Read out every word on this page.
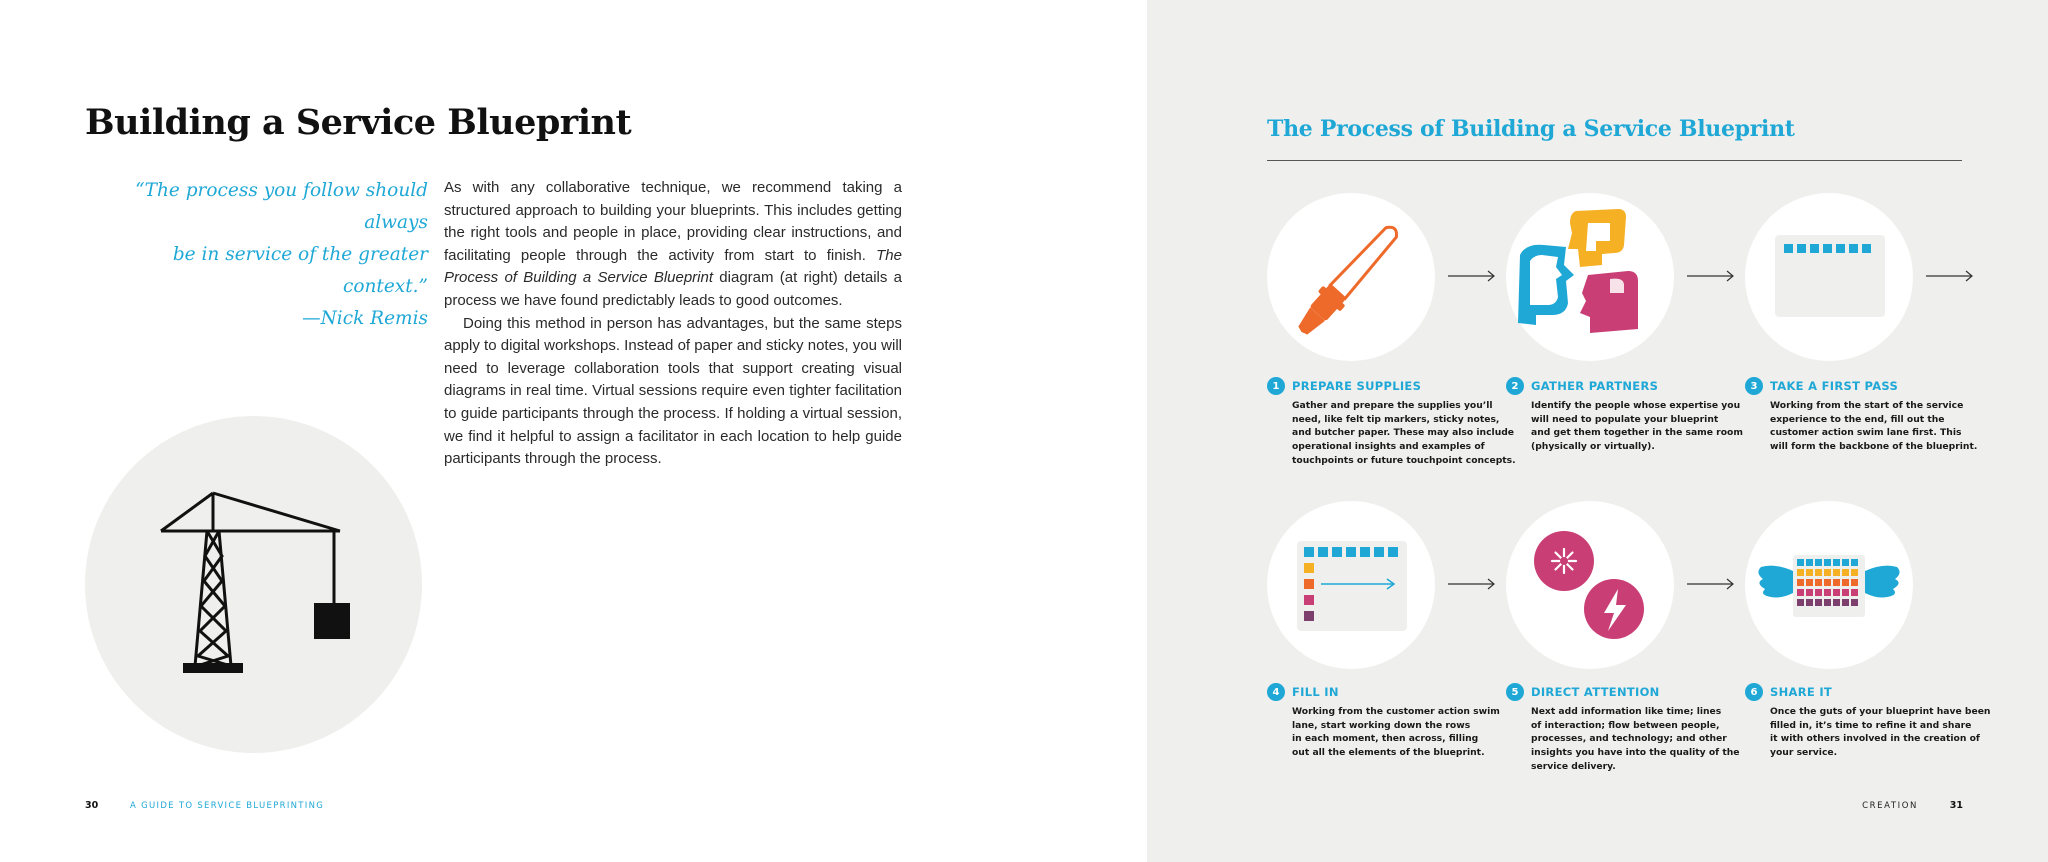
Building a Service Blueprint
“The process you follow should always
be in service of the greater context.”
—Nick Remis

As with any collaborative technique, we recommend taking a structured approach to building your blueprints. This includes getting the right tools and people in place, providing clear instructions, and facilitating people through the activity from start to finish. The Process of Building a Service Blueprint diagram (at right) details a process we have found predictably leads to good outcomes.

Doing this method in person has advantages, but the same steps apply to digital workshops. Instead of paper and sticky notes, you will need to leverage collaboration tools that support creating visual diagrams in real time. Virtual sessions require even tighter facilitation to guide participants through the process. If holding a virtual session, we find it helpful to assign a facilitator in each location to help guide participants through the process.

30	A GUIDE TO SERVICE BLUEPRINTING
The Process of Building a Service Blueprint
1	PREPARE SUPPLIES
Gather and prepare the supplies you’ll
need, like felt tip markers, sticky notes,
and butcher paper. These may also include
operational insights and examples of
touchpoints or future touchpoint concepts.
2	GATHER PARTNERS
Identify the people whose expertise you
will need to populate your blueprint
and get them together in the same room
(physically or virtually).
3	TAKE A FIRST PASS
Working from the start of the service
experience to the end, fill out the
customer action swim lane first. This
will form the backbone of the blueprint.
4	FILL IN
Working from the customer action swim
lane, start working down the rows
in each moment, then across, filling
out all the elements of the blueprint.
5	DIRECT ATTENTION
Next add information like time; lines
of interaction; flow between people,
processes, and technology; and other
insights you have into the quality of the
service delivery.
6	SHARE IT
Once the guts of your blueprint have been
filled in, it’s time to refine it and share
it with others involved in the creation of
your service.
CREATION	31
